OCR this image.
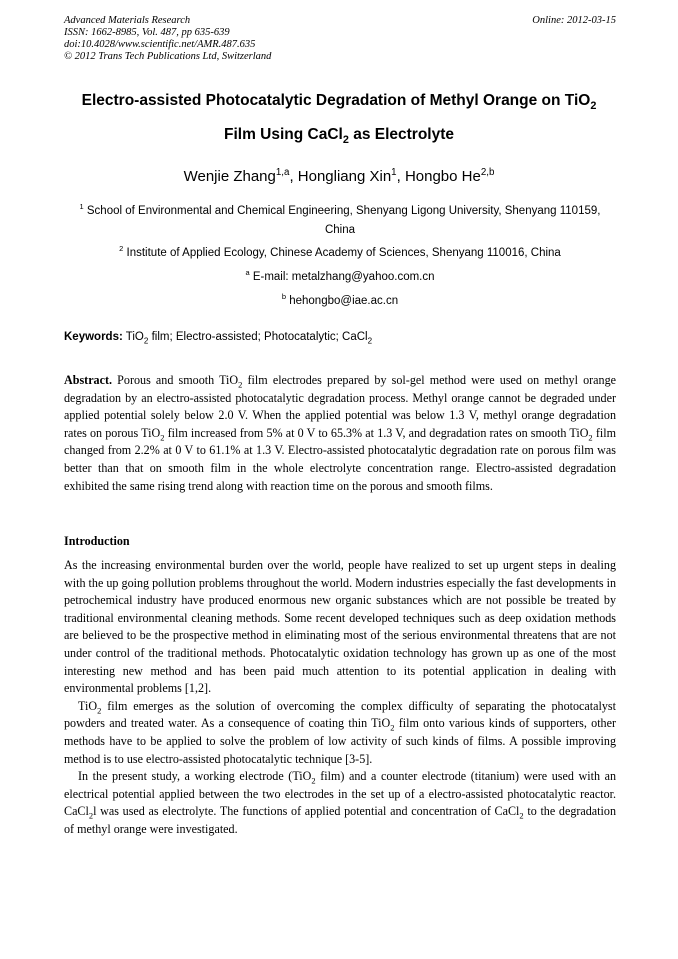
Advanced Materials Research
ISSN: 1662-8985, Vol. 487, pp 635-639
doi:10.4028/www.scientific.net/AMR.487.635
© 2012 Trans Tech Publications Ltd, Switzerland
Online: 2012-03-15
Electro-assisted Photocatalytic Degradation of Methyl Orange on TiO$_2$
Film Using CaCl$_2$ as Electrolyte
Wenjie Zhang$^{1,a}$, Hongliang Xin$^1$, Hongbo He$^{2,b}$
$^1$ School of Environmental and Chemical Engineering, Shenyang Ligong University, Shenyang 110159, China
$^2$ Institute of Applied Ecology, Chinese Academy of Sciences, Shenyang 110016, China
$^a$ E-mail: metalzhang@yahoo.com.cn
$^b$ hehongbo@iae.ac.cn
Keywords: TiO$_2$ film; Electro-assisted; Photocatalytic; CaCl$_2$
Abstract. Porous and smooth TiO$_2$ film electrodes prepared by sol-gel method were used on methyl orange degradation by an electro-assisted photocatalytic degradation process. Methyl orange cannot be degraded under applied potential solely below 2.0 V. When the applied potential was below 1.3 V, methyl orange degradation rates on porous TiO$_2$ film increased from 5% at 0 V to 65.3% at 1.3 V, and degradation rates on smooth TiO$_2$ film changed from 2.2% at 0 V to 61.1% at 1.3 V. Electro-assisted photocatalytic degradation rate on porous film was better than that on smooth film in the whole electrolyte concentration range. Electro-assisted degradation exhibited the same rising trend along with reaction time on the porous and smooth films.
Introduction
As the increasing environmental burden over the world, people have realized to set up urgent steps in dealing with the up going pollution problems throughout the world. Modern industries especially the fast developments in petrochemical industry have produced enormous new organic substances which are not possible be treated by traditional environmental cleaning methods. Some recent developed techniques such as deep oxidation methods are believed to be the prospective method in eliminating most of the serious environmental threatens that are not under control of the traditional methods. Photocatalytic oxidation technology has grown up as one of the most interesting new method and has been paid much attention to its potential application in dealing with environmental problems [1,2].
TiO$_2$ film emerges as the solution of overcoming the complex difficulty of separating the photocatalyst powders and treated water. As a consequence of coating thin TiO$_2$ film onto various kinds of supporters, other methods have to be applied to solve the problem of low activity of such kinds of films. A possible improving method is to use electro-assisted photocatalytic technique [3-5].
In the present study, a working electrode (TiO$_2$ film) and a counter electrode (titanium) were used with an electrical potential applied between the two electrodes in the set up of a electro-assisted photocatalytic reactor. CaCl$_2$l was used as electrolyte. The functions of applied potential and concentration of CaCl$_2$ to the degradation of methyl orange were investigated.
